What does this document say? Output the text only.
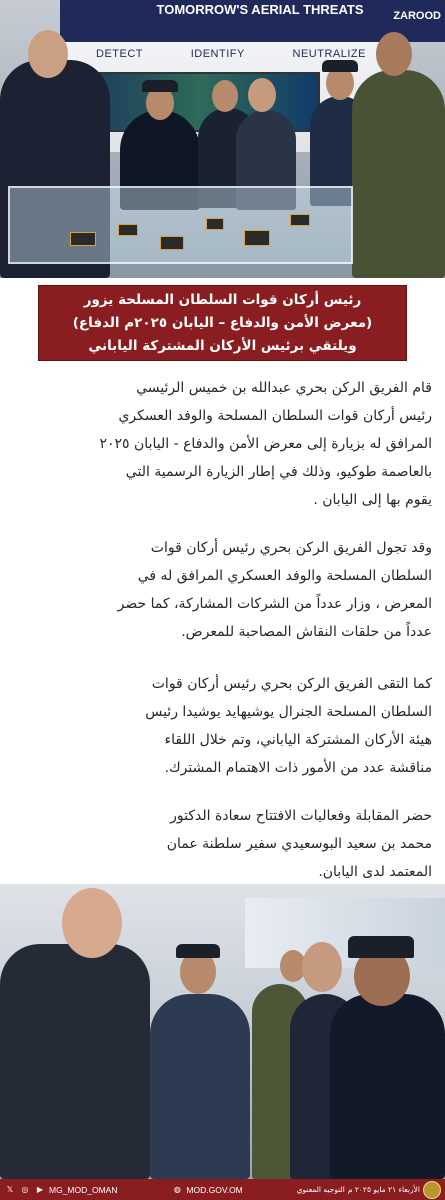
TOMORROW'S AERIAL THREATS	ZAROOD
DETECT	IDENTIFY	NEUTRALIZE
رئيس أركان قوات السلطان المسلحة يزور
(معرض الأمن والدفاع – اليابان ٢٠٢٥م الدفاع)
ويلتقي برئيس الأركان المشتركة الياباني
قام الفريق الركن بحري عبدالله بن خميس الرئيسي
رئيس أركان قوات السلطان المسلحة والوفد العسكري
المرافق له بزيارة إلى معرض الأمن والدفاع - اليابان ٢٠٢٥
بالعاصمة طوكيو، وذلك في إطار الزيارة الرسمية التي
يقوم بها إلى اليابان .
وقد تجول الفريق الركن بحري رئيس أركان قوات
السلطان المسلحة والوفد العسكري المرافق له في
المعرض ، وزار عدداً من الشركات المشاركة، كما حضر
عدداً من حلقات النقاش المصاحبة للمعرض.
كما التقى الفريق الركن بحري رئيس أركان قوات
السلطان المسلحة الجنرال يوشيهايد يوشيدا رئيس
هيئة الأركان المشتركة الياباني، وتم خلال اللقاء
مناقشة عدد من الأمور ذات الاهتمام المشترك.
حضر المقابلة وفعاليات الافتتاح سعادة الدكتور
محمد بن سعيد البوسعيدي سفير سلطنة عمان
المعتمد لدى اليابان.
𝕏	◎	▶ MG_MOD_OMAN	◍ MOD.GOV.OM	التوجيه المعنوي الأربعاء ٢١ مايو ٢٠٢٥ م
